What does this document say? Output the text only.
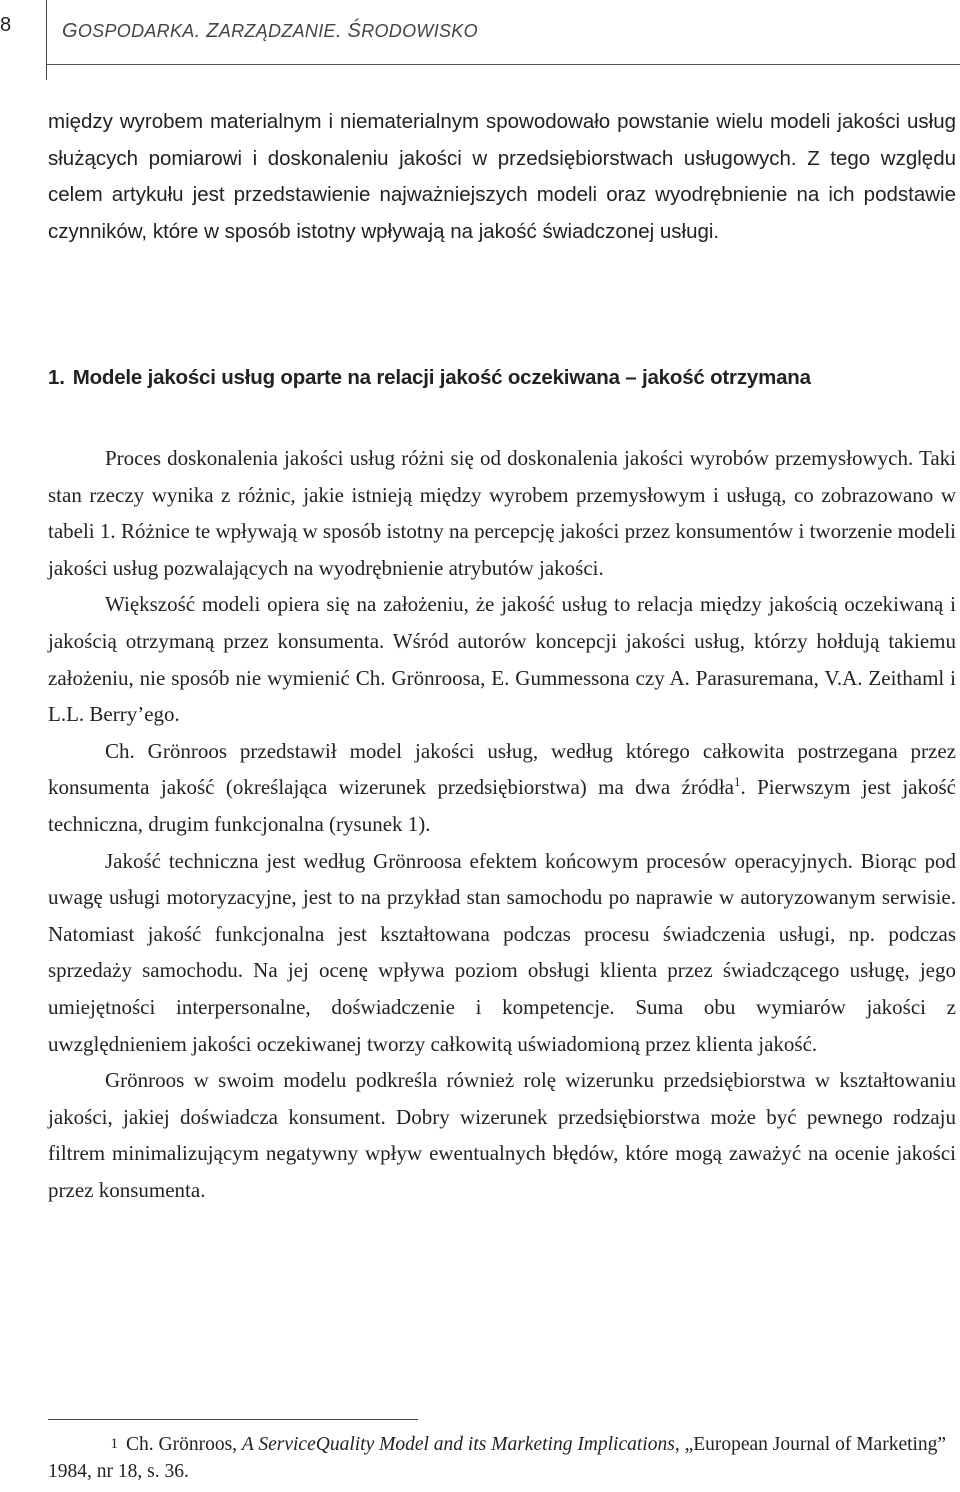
8	GOSPODARKA. ZARZĄDZANIE. ŚRODOWISKO

między wyrobem materialnym i niematerialnym spowodowało powstanie wielu modeli jakości usług służących pomiarowi i doskonaleniu jakości w przedsiębiorstwach usługowych. Z tego względu celem artykułu jest przedstawienie najważniejszych modeli oraz wyodrębnienie na ich podstawie czynników, które w sposób istotny wpływają na jakość świadczonej usługi.

1. Modele jakości usług oparte na relacji jakość oczekiwana – jakość otrzymana

Proces doskonalenia jakości usług różni się od doskonalenia jakości wyrobów przemysłowych. Taki stan rzeczy wynika z różnic, jakie istnieją między wyrobem przemysłowym i usługą, co zobrazowano w tabeli 1. Różnice te wpływają w sposób istotny na percepcję jakości przez konsumentów i tworzenie modeli jakości usług pozwalających na wyodrębnienie atrybutów jakości.

Większość modeli opiera się na założeniu, że jakość usług to relacja między jakością oczekiwaną i jakością otrzymaną przez konsumenta. Wśród autorów koncepcji jakości usług, którzy hołdują takiemu założeniu, nie sposób nie wymienić Ch. Grönroosa, E. Gummessona czy A. Parasuremana, V.A. Zeithaml i L.L. Berry’ego.

Ch. Grönroos przedstawił model jakości usług, według którego całkowita postrzegana przez konsumenta jakość (określająca wizerunek przedsiębiorstwa) ma dwa źródła$^1$. Pierwszym jest jakość techniczna, drugim funkcjonalna (rysunek 1).

Jakość techniczna jest według Grönroosa efektem końcowym procesów operacyjnych. Biorąc pod uwagę usługi motoryzacyjne, jest to na przykład stan samochodu po naprawie w autoryzowanym serwisie. Natomiast jakość funkcjonalna jest kształtowana podczas procesu świadczenia usługi, np. podczas sprzedaży samochodu. Na jej ocenę wpływa poziom obsługi klienta przez świadczącego usługę, jego umiejętności interpersonalne, doświadczenie i kompetencje. Suma obu wymiarów jakości z uwzględnieniem jakości oczekiwanej tworzy całkowitą uświadomioną przez klienta jakość.

Grönroos w swoim modelu podkreśla również rolę wizerunku przedsiębiorstwa w kształtowaniu jakości, jakiej doświadcza konsument. Dobry wizerunek przedsiębiorstwa może być pewnego rodzaju filtrem minimalizującym negatywny wpływ ewentualnych błędów, które mogą zaważyć na ocenie jakości przez konsumenta.

1 Ch. Grönroos, A ServiceQuality Model and its Marketing Implications, „European Journal of Marketing” 1984, nr 18, s. 36.
